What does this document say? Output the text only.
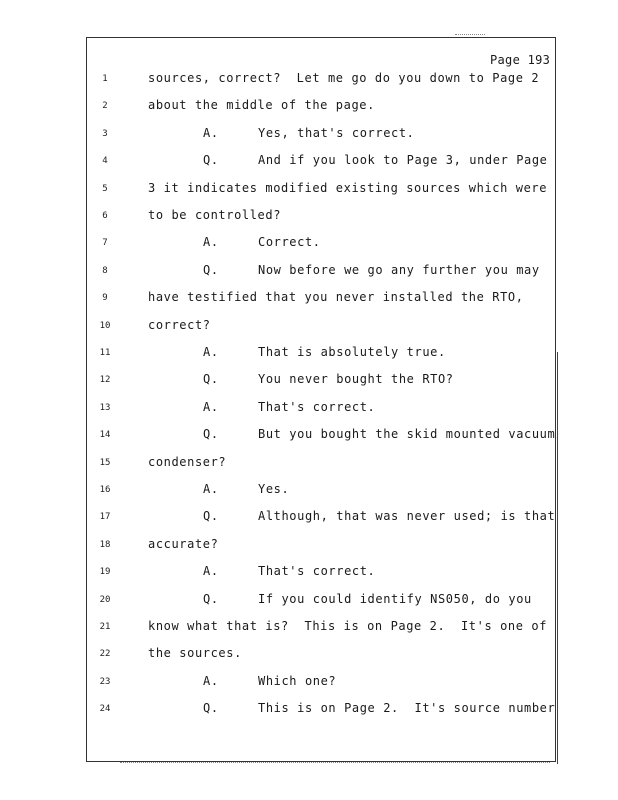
Page 193
1	sources, correct?  Let me go do you down to Page 2
2	about the middle of the page.
3	A.	Yes, that's correct.
4	Q.	And if you look to Page 3, under Page
5	3 it indicates modified existing sources which were
6	to be controlled?
7	A.	Correct.
8	Q.	Now before we go any further you may
9	have testified that you never installed the RTO,
10	correct?
11	A.	That is absolutely true.
12	Q.	You never bought the RTO?
13	A.	That's correct.
14	Q.	But you bought the skid mounted vacuum
15	condenser?
16	A.	Yes.
17	Q.	Although, that was never used; is that
18	accurate?
19	A.	That's correct.
20	Q.	If you could identify NS050, do you
21	know what that is?  This is on Page 2.  It's one of
22	the sources.
23	A.	Which one?
24	Q.	This is on Page 2.  It's source number
